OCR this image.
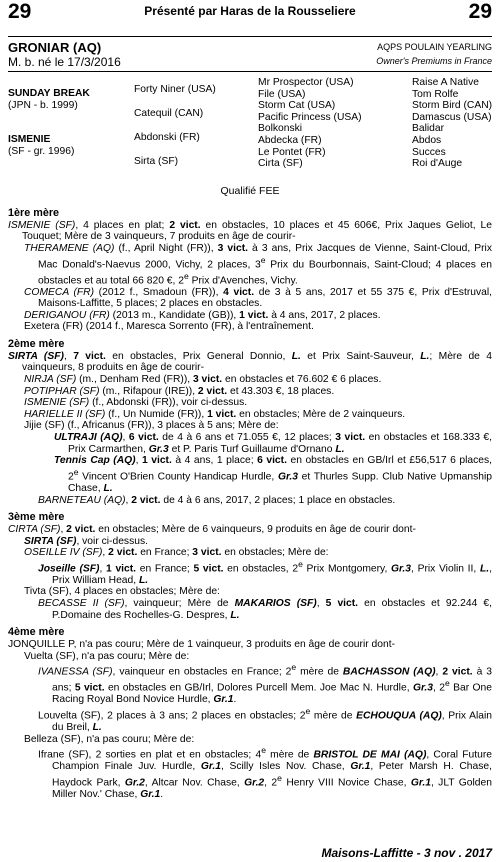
29	Présenté par Haras de la Rousseliere	29
GRONIAR (AQ)
M. b. né le 17/3/2016
AQPS POULAIN YEARLING
Owner's Premiums in France
SUNDAY BREAK
(JPN - b. 1999)
ISMENIE
(SF - gr. 1996)
Forty Niner (USA)
Catequil (CAN)
Abdonski (FR)
Sirta (SF)
Mr Prospector (USA)
File (USA)
Storm Cat (USA)
Pacific Princess (USA)
Bolkonski
Abdecka (FR)
Le Pontet (FR)
Cirta (SF)
Raise A Native
Tom Rolfe
Storm Bird (CAN)
Damascus (USA)
Balidar
Abdos
Succes
Roi d'Auge
Qualifié FEE
1ère mère
ISMENIE (SF), 4 places en plat; 2 vict. en obstacles, 10 places et 45 606€, Prix Jaques Geliot, Le Touquet; Mère de 3 vainqueurs, 7 produits en âge de courir-
THERAMENE (AQ) (f., April Night (FR)), 3 vict. à 3 ans, Prix Jacques de Vienne, Saint-Cloud, Prix Mac Donald's-Naevus 2000, Vichy, 2 places, 3e Prix du Bourbonnais, Saint-Cloud; 4 places en obstacles et au total 66 820 €, 2e Prix d'Avenches, Vichy.
COMECA (FR) (2012 f., Smadoun (FR)), 4 vict. de 3 à 5 ans, 2017 et 55 375 €, Prix d'Estruval, Maisons-Laffitte, 5 places; 2 places en obstacles.
DERIGANOU (FR) (2013 m., Kandidate (GB)), 1 vict. à 4 ans, 2017, 2 places.
Exetera (FR) (2014 f., Maresca Sorrento (FR), à l'entraînement.
2ème mère
SIRTA (SF), 7 vict. en obstacles, Prix General Donnio, L. et Prix Saint-Sauveur, L.; Mère de 4 vainqueurs, 8 produits en âge de courir-
NIRJA (SF) (m., Denham Red (FR)), 3 vict. en obstacles et 76.602 € 6 places.
POTIPHAR (SF) (m., Rifapour (IRE)), 2 vict. et 43.303 €, 18 places.
ISMENIE (SF) (f., Abdonski (FR)), voir ci-dessus.
HARIELLE II (SF) (f., Un Numide (FR)), 1 vict. en obstacles; Mère de 2 vainqueurs.
Jijie (SF) (f., Africanus (FR)), 3 places à 5 ans; Mère de:
ULTRAJI (AQ), 6 vict. de 4 à 6 ans et 71.055 €, 12 places; 3 vict. en obstacles et 168.333 €, Prix Carmarthen, Gr.3 et P. Paris Turf Guillaume d'Ornano L.
Tennis Cap (AQ), 1 vict. à 4 ans, 1 place; 6 vict. en obstacles en GB/Irl et £56,517 6 places, 2e Vincent O'Brien County Handicap Hurdle, Gr.3 et Thurles Supp. Club Native Upmanship Chase, L.
BARNETEAU (AQ), 2 vict. de 4 à 6 ans, 2017, 2 places; 1 place en obstacles.
3ème mère
CIRTA (SF), 2 vict. en obstacles; Mère de 6 vainqueurs, 9 produits en âge de courir dont-
SIRTA (SF), voir ci-dessus.
OSEILLE IV (SF), 2 vict. en France; 3 vict. en obstacles; Mère de:
Joseille (SF), 1 vict. en France; 5 vict. en obstacles, 2e Prix Montgomery, Gr.3, Prix Violin II, L., Prix William Head, L.
Tivta (SF), 4 places en obstacles; Mère de:
BECASSE II (SF), vainqueur; Mère de MAKARIOS (SF), 5 vict. en obstacles et 92.244 €, P.Domaine des Rochelles-G. Despres, L.
4ème mère
JONQUILLE P, n'a pas couru; Mère de 1 vainqueur, 3 produits en âge de courir dont-
Vuelta (SF), n'a pas couru; Mère de:
IVANESSA (SF), vainqueur en obstacles en France; 2e mère de BACHASSON (AQ), 2 vict. à 3 ans; 5 vict. en obstacles en GB/Irl, Dolores Purcell Mem. Joe Mac N. Hurdle, Gr.3, 2e Bar One Racing Royal Bond Novice Hurdle, Gr.1.
Louvelta (SF), 2 places à 3 ans; 2 places en obstacles; 2e mère de ECHOUQUA (AQ), Prix Alain du Breil, L.
Belleza (SF), n'a pas couru; Mère de:
Ifrane (SF), 2 sorties en plat et en obstacles; 4e mère de BRISTOL DE MAI (AQ), Coral Future Champion Finale Juv. Hurdle, Gr.1, Scilly Isles Nov. Chase, Gr.1, Peter Marsh H. Chase, Haydock Park, Gr.2, Altcar Nov. Chase, Gr.2, 2e Henry VIII Novice Chase, Gr.1, JLT Golden Miller Nov.' Chase, Gr.1.
Maisons-Laffitte - 3 nov . 2017
